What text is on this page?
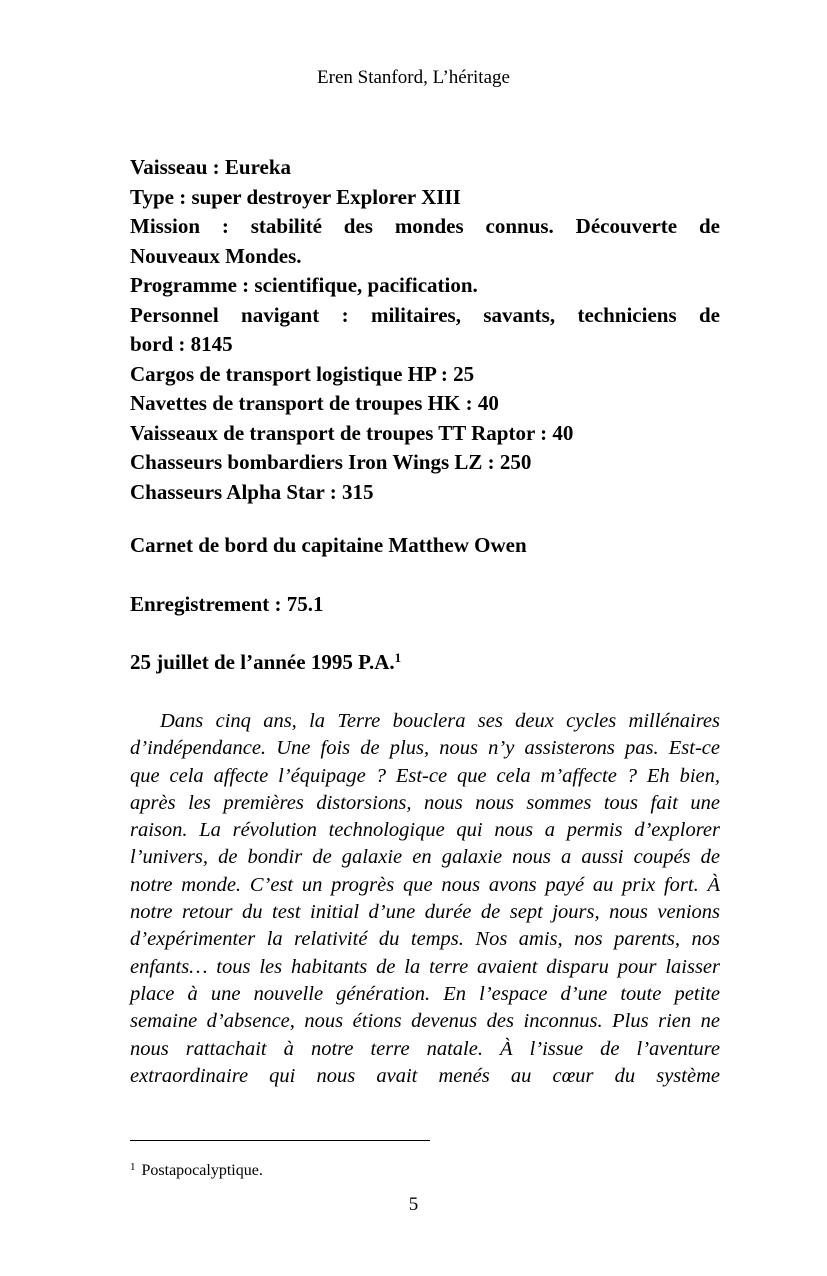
Eren Stanford, L’héritage
Vaisseau : Eureka
Type : super destroyer Explorer XIII
Mission : stabilité des mondes connus. Découverte de
Nouveaux Mondes.
Programme : scientifique, pacification.
Personnel navigant : militaires, savants, techniciens de
bord : 8145
Cargos de transport logistique HP : 25
Navettes de transport de troupes HK : 40
Vaisseaux de transport de troupes TT Raptor : 40
Chasseurs bombardiers Iron Wings LZ : 250
Chasseurs Alpha Star : 315
Carnet de bord du capitaine Matthew Owen
Enregistrement : 75.1
25 juillet de l’année 1995 P.A.$^1$
Dans cinq ans, la Terre bouclera ses deux cycles millénaires
d’indépendance. Une fois de plus, nous n’y assisterons pas. Est-ce
que cela affecte l’équipage ? Est-ce que cela m’affecte ? Eh bien,
après les premières distorsions, nous nous sommes tous fait une
raison. La révolution technologique qui nous a permis d’explorer
l’univers, de bondir de galaxie en galaxie nous a aussi coupés de
notre monde. C’est un progrès que nous avons payé au prix fort. À
notre retour du test initial d’une durée de sept jours, nous venions
d’expérimenter la relativité du temps. Nos amis, nos parents, nos
enfants… tous les habitants de la terre avaient disparu pour laisser
place à une nouvelle génération. En l’espace d’une toute petite
semaine d’absence, nous étions devenus des inconnus. Plus rien ne
nous rattachait à notre terre natale. À l’issue de l’aventure
extraordinaire qui nous avait menés au cœur du système
$^1$ Postapocalyptique.
5
